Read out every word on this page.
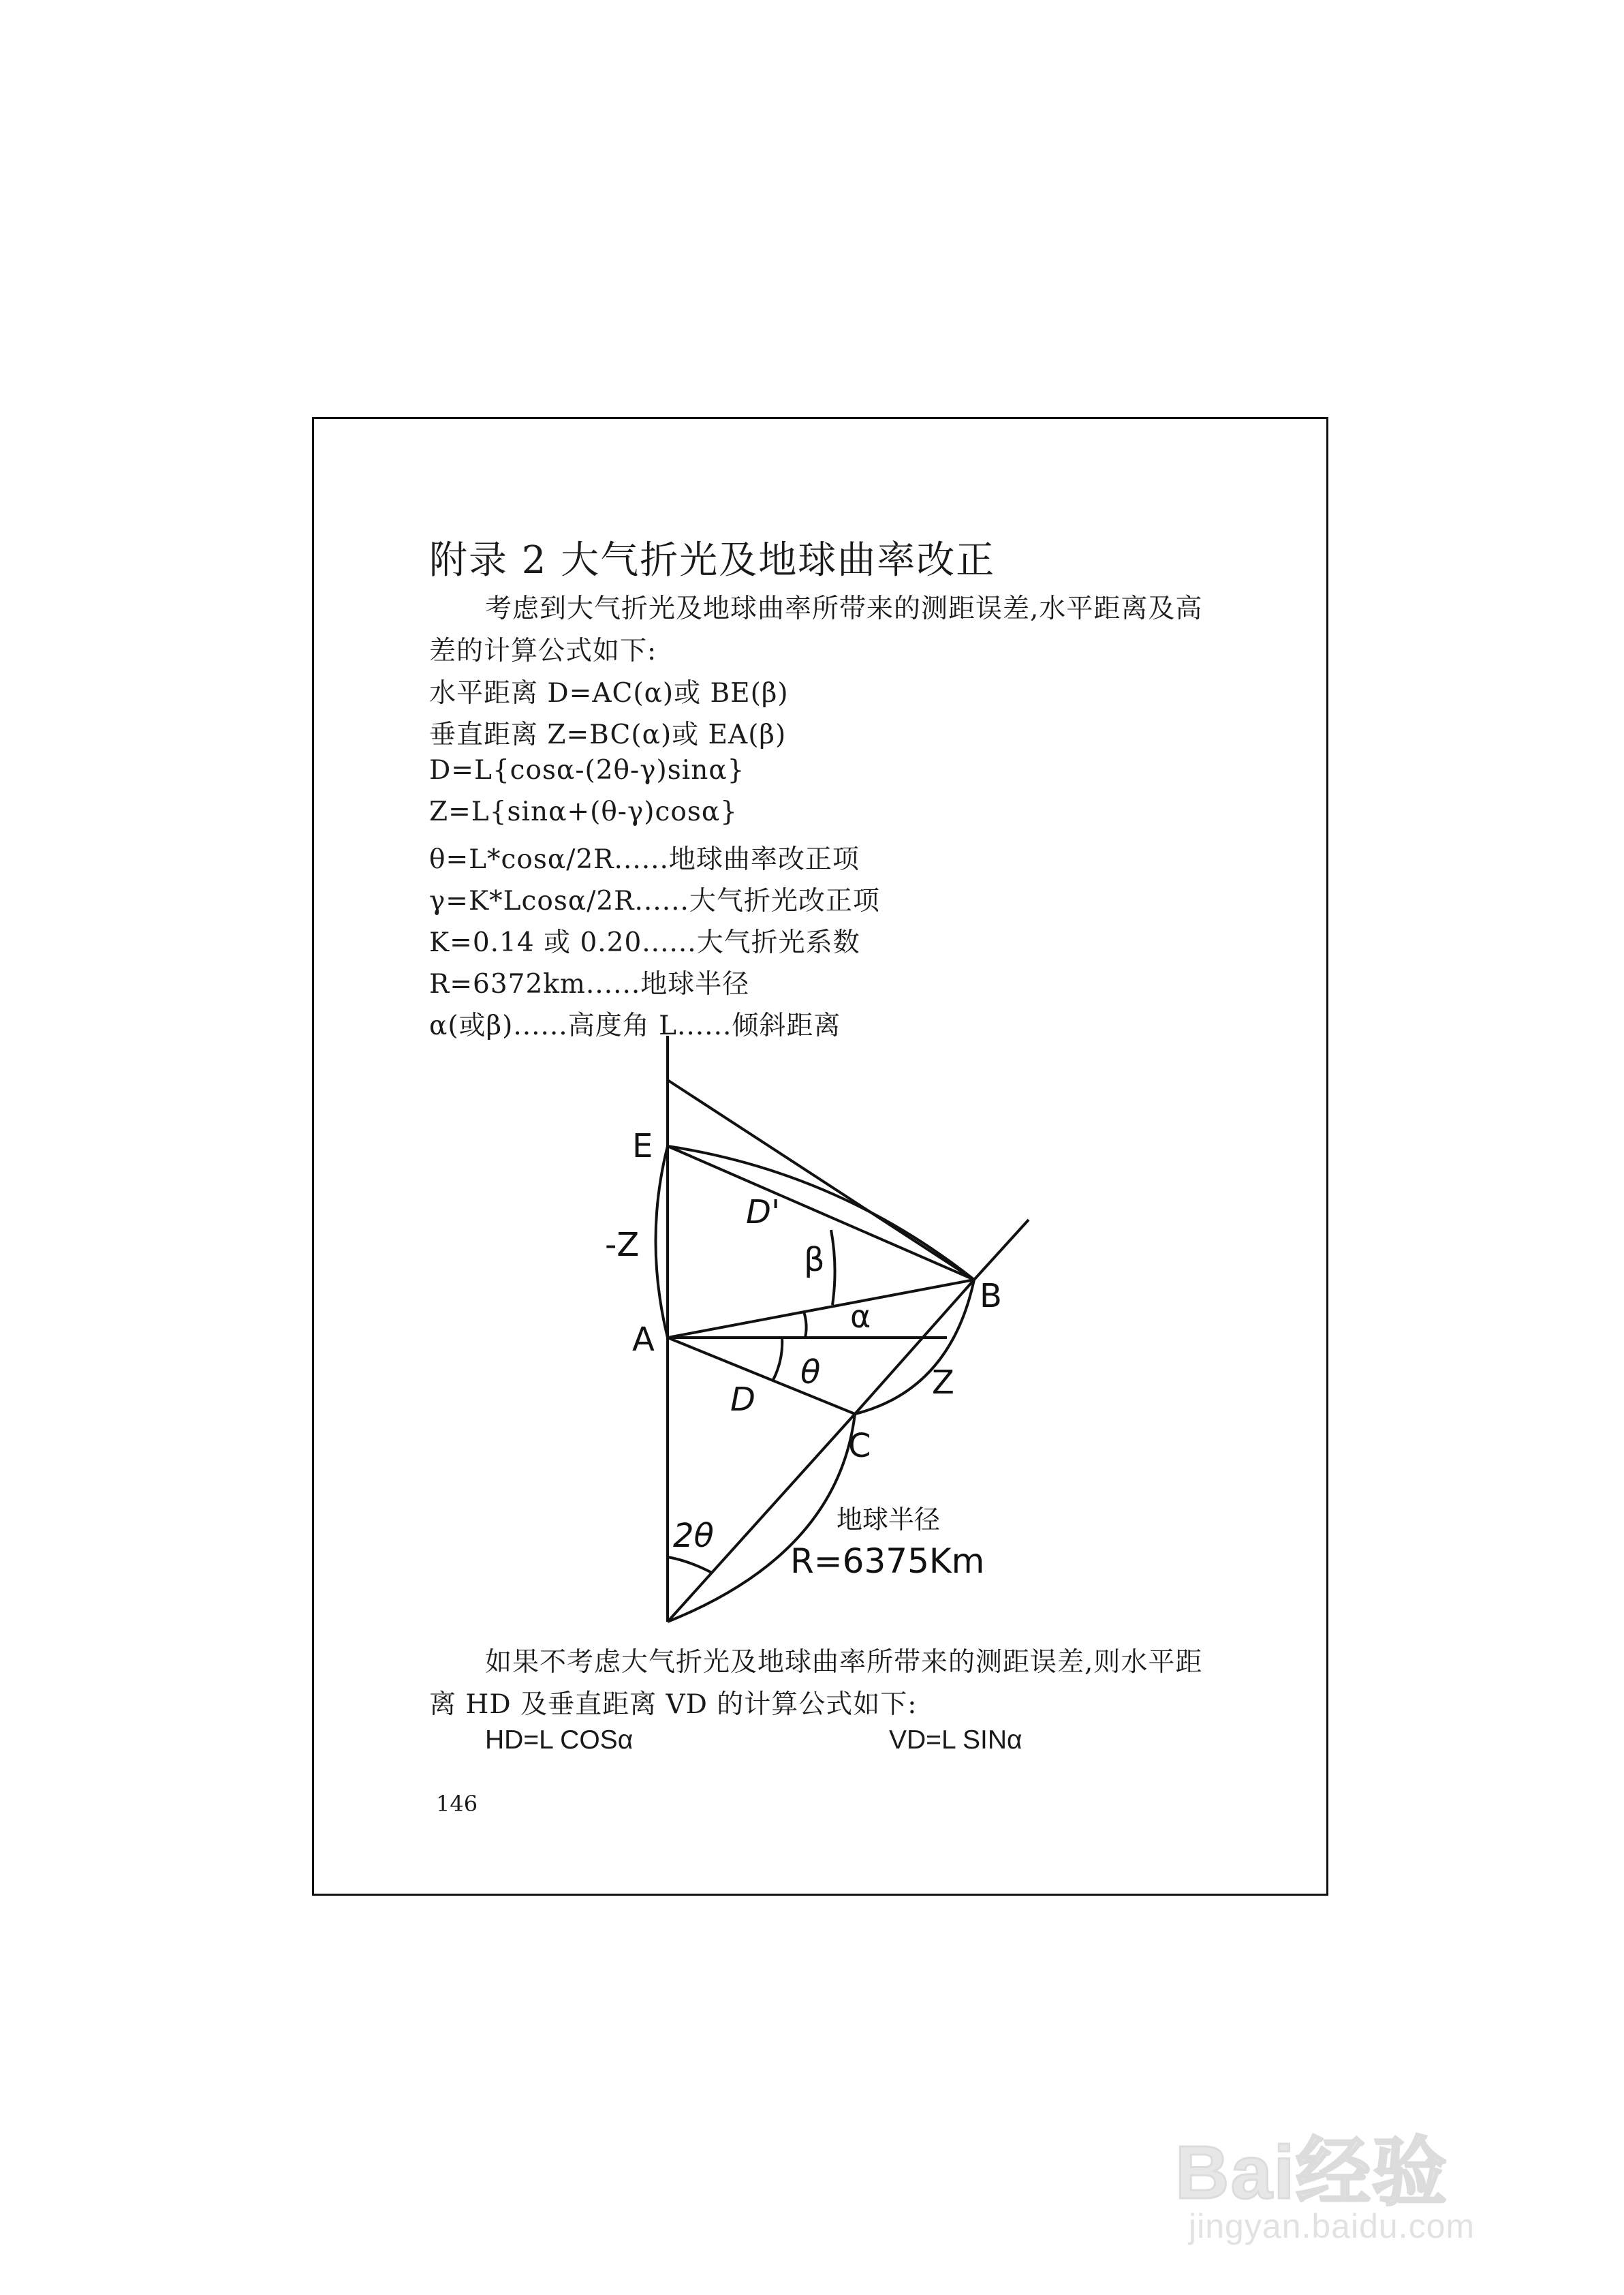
附录 2 大气折光及地球曲率改正
考虑到大气折光及地球曲率所带来的测距误差,水平距离及高
差的计算公式如下:
水平距离 D=AC(α)或 BE(β)
垂直距离 Z=BC(α)或 EA(β)
D=L{cosα-(2θ-γ)sinα}
Z=L{sinα+(θ-γ)cosα}
θ=L*cosα/2R......地球曲率改正项
γ=K*Lcosα/2R......大气折光改正项
K=0.14 或 0.20......大气折光系数
R=6372km......地球半径
α(或β)......高度角 L......倾斜距离
E
A
B
C
-Z
Z
D'
D
β
α
θ
2θ	地球半径
R=6375Km
如果不考虑大气折光及地球曲率所带来的测距误差,则水平距
离 HD 及垂直距离 VD 的计算公式如下:
HD=L COSα	VD=L SINα
146
Bai经验
jingyan.baidu.com
